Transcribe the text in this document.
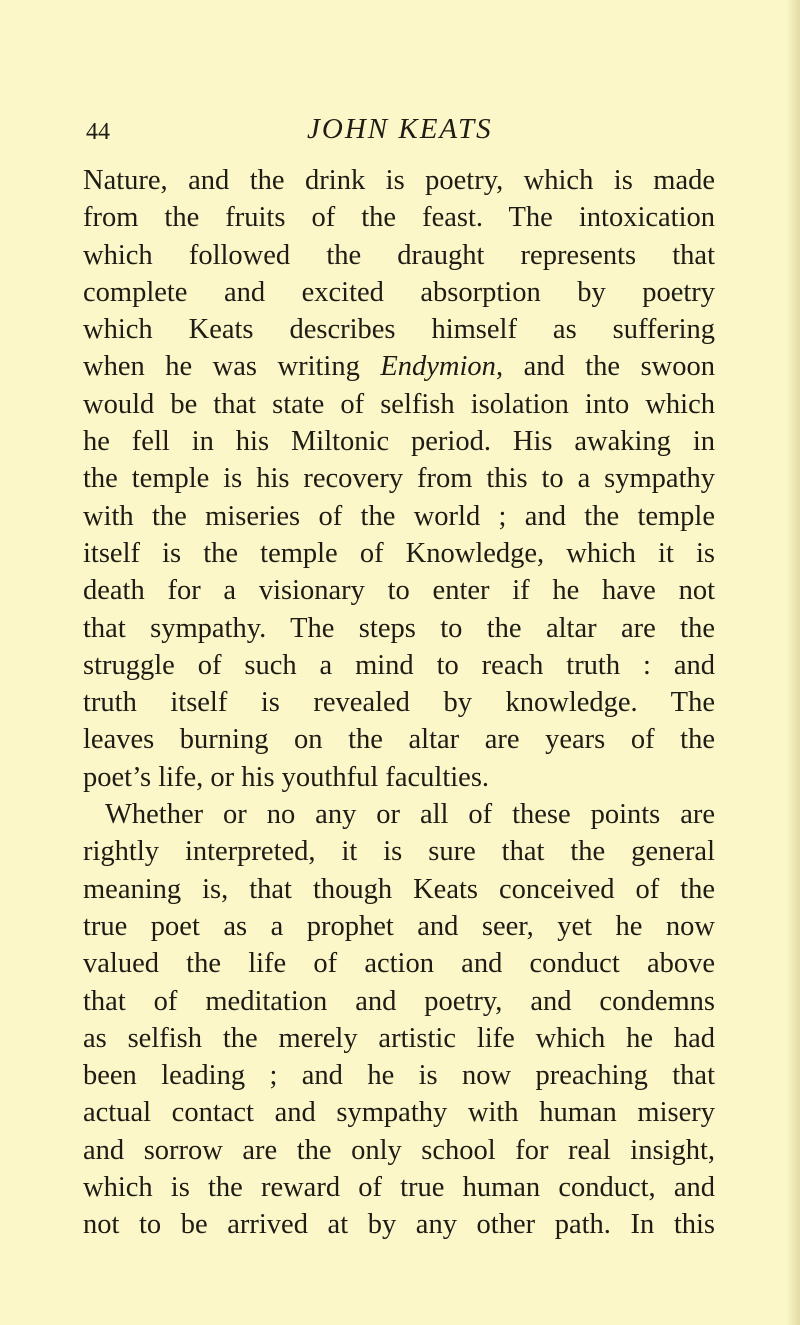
44	JOHN KEATS
Nature, and the drink is poetry, which is made
from the fruits of the feast. The intoxication
which followed the draught represents that
complete and excited absorption by poetry
which Keats describes himself as suffering
when he was writing Endymion, and the swoon
would be that state of selfish isolation into which
he fell in his Miltonic period. His awaking in
the temple is his recovery from this to a sympathy
with the miseries of the world ; and the temple
itself is the temple of Knowledge, which it is
death for a visionary to enter if he have not
that sympathy. The steps to the altar are the
struggle of such a mind to reach truth : and
truth itself is revealed by knowledge. The
leaves burning on the altar are years of the
poet’s life, or his youthful faculties.
Whether or no any or all of these points are
rightly interpreted, it is sure that the general
meaning is, that though Keats conceived of the
true poet as a prophet and seer, yet he now
valued the life of action and conduct above
that of meditation and poetry, and condemns
as selfish the merely artistic life which he had
been leading ; and he is now preaching that
actual contact and sympathy with human misery
and sorrow are the only school for real insight,
which is the reward of true human conduct, and
not to be arrived at by any other path. In this
